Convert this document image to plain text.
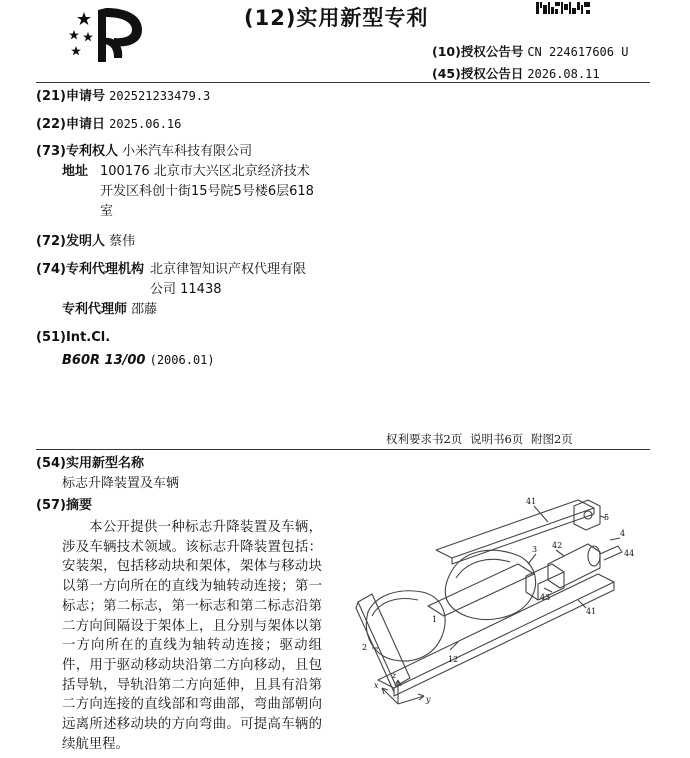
(12)实用新型专利
(10)授权公告号 CN 224617606 U
(45)授权公告日 2026.08.11
(21)申请号 202521233479.3
(22)申请日 2025.06.16
(73)专利权人 小米汽车科技有限公司
地址 100176 北京市大兴区北京经济技术
开发区科创十街15号院5号楼6层618
室
(72)发明人 蔡伟
(74)专利代理机构 北京律智知识产权代理有限
公司 11438
专利代理师 邵藤
(51)Int.Cl.
B60R 13/00 (2006.01)
权利要求书2页 说明书6页 附图2页
(54)实用新型名称
标志升降装置及车辆
(57)摘要
本公开提供一种标志升降装置及车辆，涉及车辆技术领域。该标志升降装置包括：安装架，包括移动块和架体，架体与移动块以第一方向所在的直线为轴转动连接；第一标志；第二标志，第一标志和第二标志沿第二方向间隔设于架体上，且分别与架体以第一方向所在的直线为轴转动连接；驱动组件，用于驱动移动块沿第二方向移动，且包括导轨，导轨沿第二方向延伸，且具有沿第二方向连接的直线部和弯曲部，弯曲部朝向远离所述移动块的方向弯曲。可提高车辆的续航里程。
41
5
4
3 42
44
43
1
2
12
41
x
y
z
